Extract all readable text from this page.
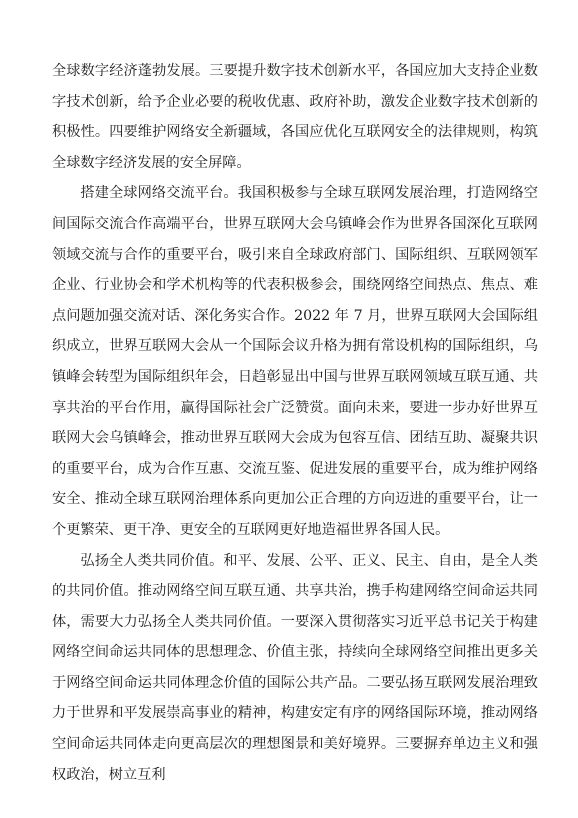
全球数字经济蓬勃发展。三要提升数字技术创新水平，各国应加大支持企业数字技术创新，给予企业必要的税收优惠、政府补助，激发企业数字技术创新的积极性。四要维护网络安全新疆域，各国应优化互联网安全的法律规则，构筑全球数字经济发展的安全屏障。

搭建全球网络交流平台。我国积极参与全球互联网发展治理，打造网络空间国际交流合作高端平台，世界互联网大会乌镇峰会作为世界各国深化互联网领域交流与合作的重要平台，吸引来自全球政府部门、国际组织、互联网领军企业、行业协会和学术机构等的代表积极参会，围绕网络空间热点、焦点、难点问题加强交流对话、深化务实合作。2022 年 7 月，世界互联网大会国际组织成立，世界互联网大会从一个国际会议升格为拥有常设机构的国际组织，乌镇峰会转型为国际组织年会，日趋彰显出中国与世界互联网领域互联互通、共享共治的平台作用，赢得国际社会广泛赞赏。面向未来，要进一步办好世界互联网大会乌镇峰会，推动世界互联网大会成为包容互信、团结互助、凝聚共识的重要平台，成为合作互惠、交流互鉴、促进发展的重要平台，成为维护网络安全、推动全球互联网治理体系向更加公正合理的方向迈进的重要平台，让一个更繁荣、更干净、更安全的互联网更好地造福世界各国人民。

弘扬全人类共同价值。和平、发展、公平、正义、民主、自由，是全人类的共同价值。推动网络空间互联互通、共享共治，携手构建网络空间命运共同体，需要大力弘扬全人类共同价值。一要深入贯彻落实习近平总书记关于构建网络空间命运共同体的思想理念、价值主张，持续向全球网络空间推出更多关于网络空间命运共同体理念价值的国际公共产品。二要弘扬互联网发展治理致力于世界和平发展崇高事业的精神，构建安定有序的网络国际环境，推动网络空间命运共同体走向更高层次的理想图景和美好境界。三要摒弃单边主义和强权政治，树立互利
